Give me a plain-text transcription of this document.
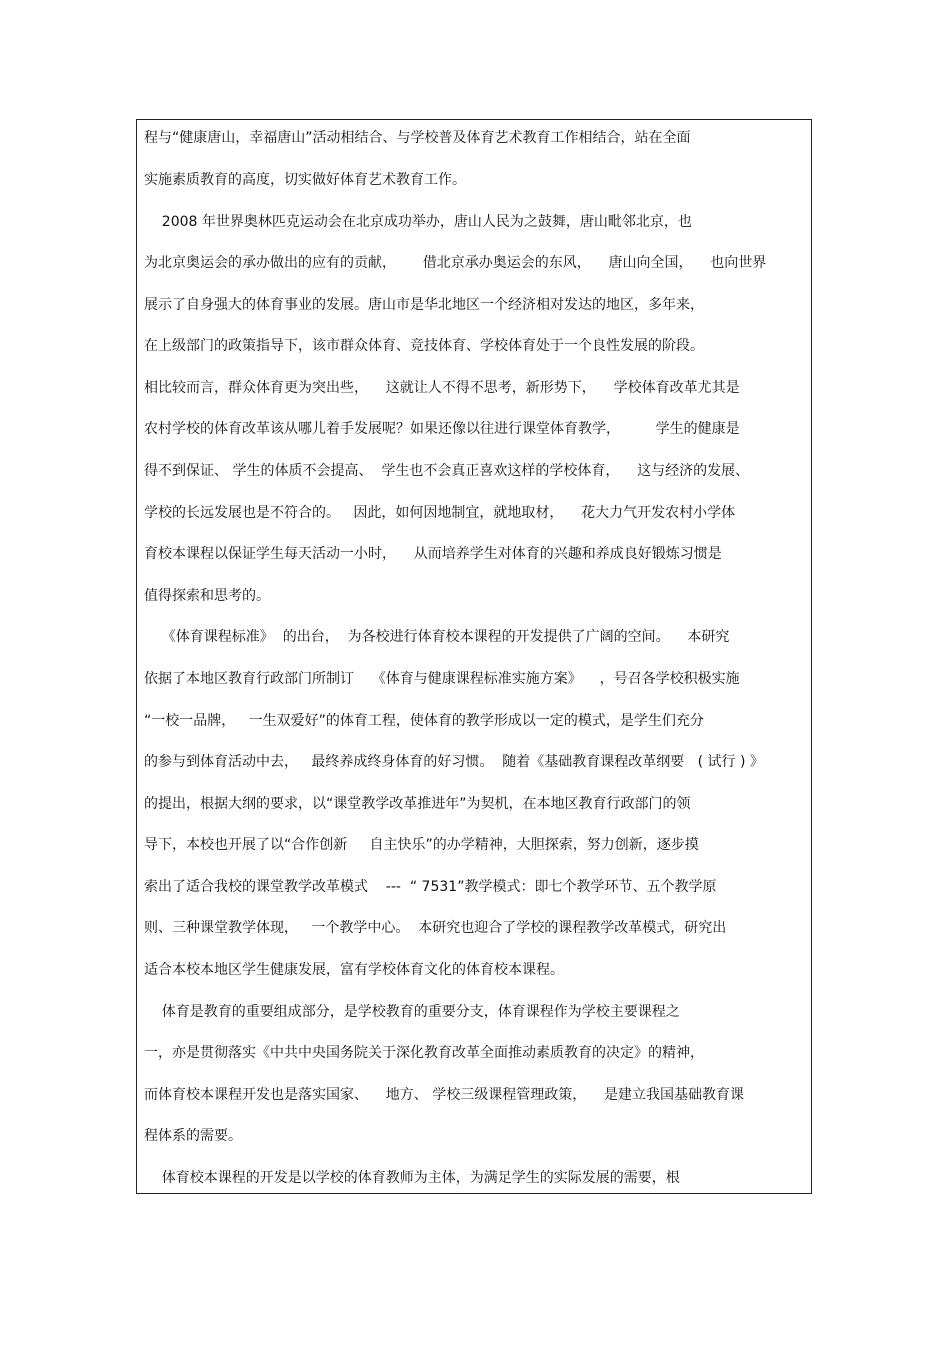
程与“健康唐山，幸福唐山”活动相结合、与学校普及体育艺术教育工作相结合，站在全面
实施素质教育的高度，切实做好体育艺术教育工作。
2008 年世界奥林匹克运动会在北京成功举办，唐山人民为之鼓舞，唐山毗邻北京，也
为北京奥运会的承办做出的应有的贡献，      借北京承办奥运会的东风，    唐山向全国，    也向世界
展示了自身强大的体育事业的发展。唐山市是华北地区一个经济相对发达的地区，多年来，
在上级部门的政策指导下，该市群众体育、竞技体育、学校体育处于一个良性发展的阶段。
相比较而言，群众体育更为突出些，    这就让人不得不思考，新形势下，    学校体育改革尤其是
农村学校的体育改革该从哪儿着手发展呢？如果还像以往进行课堂体育教学，        学生的健康是
得不到保证、 学生的体质不会提高、  学生也不会真正喜欢这样的学校体育，    这与经济的发展、
学校的长远发展也是不符合的。   因此，如何因地制宜，就地取材，    花大力气开发农村小学体
育校本课程以保证学生每天活动一小时，    从而培养学生对体育的兴趣和养成良好锻炼习惯是
值得探索和思考的。
《体育课程标准》  的出台，  为各校进行体育校本课程的开发提供了广阔的空间。    本研究
依据了本地区教育行政部门所制订    《体育与健康课程标准实施方案》    ，号召各学校积极实施
“一校一品牌，   一生双爱好”的体育工程，使体育的教学形成以一定的模式，是学生们充分
的参与到体育活动中去，   最终养成终身体育的好习惯。  随着《基础教育课程改革纲要   ( 试行 ) 》
的提出，根据大纲的要求，以“课堂教学改革推进年”为契机，在本地区教育行政部门的领
导下，本校也开展了以“合作创新     自主快乐”的办学精神，大胆探索，努力创新，逐步摸
索出了适合我校的课堂教学改革模式    ---  “ 7531”教学模式：即七个教学环节、五个教学原
则、三种课堂教学体现，   一个教学中心。  本研究也迎合了学校的课程教学改革模式，研究出
适合本校本地区学生健康发展，富有学校体育文化的体育校本课程。
体育是教育的重要组成部分，是学校教育的重要分支，体育课程作为学校主要课程之
一，亦是贯彻落实《中共中央国务院关于深化教育改革全面推动素质教育的决定》的精神，
而体育校本课程开发也是落实国家、    地方、 学校三级课程管理政策，    是建立我国基础教育课
程体系的需要。
体育校本课程的开发是以学校的体育教师为主体，为满足学生的实际发展的需要，根
